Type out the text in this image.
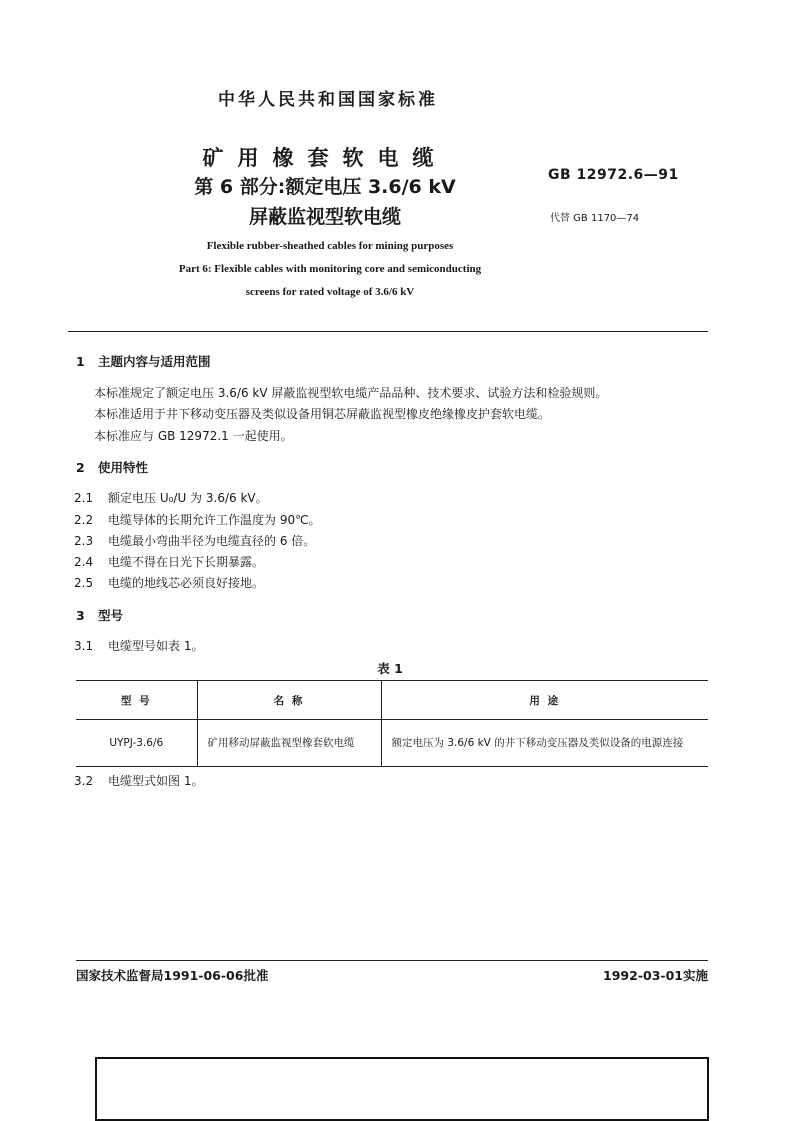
中华人民共和国国家标准
矿用橡套软电缆
第 6 部分:额定电压 3.6/6 kV
屏蔽监视型软电缆
GB 12972.6—91
代替 GB 1170—74
Flexible rubber-sheathed cables for mining purposes
Part 6: Flexible cables with monitoring core and semiconducting
screens for rated voltage of 3.6/6 kV
1 主题内容与适用范围
本标准规定了额定电压 3.6/6 kV 屏蔽监视型软电缆产品品种、技术要求、试验方法和检验规则。
本标准适用于井下移动变压器及类似设备用铜芯屏蔽监视型橡皮绝缘橡皮护套软电缆。
本标准应与 GB 12972.1 一起使用。
2 使用特性
2.1 额定电压 U₀/U 为 3.6/6 kV。
2.2 电缆导体的长期允许工作温度为 90℃。
2.3 电缆最小弯曲半径为电缆直径的 6 倍。
2.4 电缆不得在日光下长期暴露。
2.5 电缆的地线芯必须良好接地。
3 型号
3.1 电缆型号如表 1。
表 1
型 号	名 称	用 途
UYPJ-3.6/6	矿用移动屏蔽监视型橡套软电缆	额定电压为 3.6/6 kV 的井下移动变压器及类似设备的电源连接
3.2 电缆型式如图 1。
国家技术监督局1991-06-06批准	1992-03-01实施
